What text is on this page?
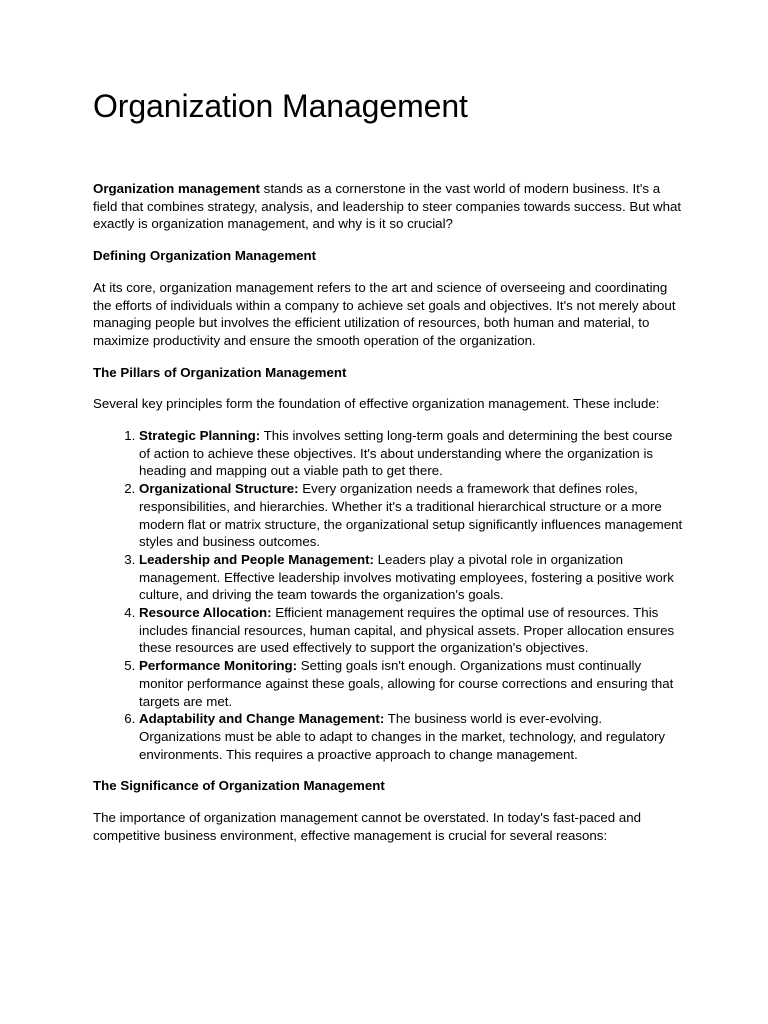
Organization Management

Organization management stands as a cornerstone in the vast world of modern business. It's a field that combines strategy, analysis, and leadership to steer companies towards success. But what exactly is organization management, and why is it so crucial?

Defining Organization Management

At its core, organization management refers to the art and science of overseeing and coordinating the efforts of individuals within a company to achieve set goals and objectives. It's not merely about managing people but involves the efficient utilization of resources, both human and material, to maximize productivity and ensure the smooth operation of the organization.

The Pillars of Organization Management

Several key principles form the foundation of effective organization management. These include:

1. Strategic Planning: This involves setting long-term goals and determining the best course of action to achieve these objectives. It's about understanding where the organization is heading and mapping out a viable path to get there.
2. Organizational Structure: Every organization needs a framework that defines roles, responsibilities, and hierarchies. Whether it's a traditional hierarchical structure or a more modern flat or matrix structure, the organizational setup significantly influences management styles and business outcomes.
3. Leadership and People Management: Leaders play a pivotal role in organization management. Effective leadership involves motivating employees, fostering a positive work culture, and driving the team towards the organization's goals.
4. Resource Allocation: Efficient management requires the optimal use of resources. This includes financial resources, human capital, and physical assets. Proper allocation ensures these resources are used effectively to support the organization's objectives.
5. Performance Monitoring: Setting goals isn't enough. Organizations must continually monitor performance against these goals, allowing for course corrections and ensuring that targets are met.
6. Adaptability and Change Management: The business world is ever-evolving. Organizations must be able to adapt to changes in the market, technology, and regulatory environments. This requires a proactive approach to change management.
The Significance of Organization Management

The importance of organization management cannot be overstated. In today's fast-paced and competitive business environment, effective management is crucial for several reasons:
